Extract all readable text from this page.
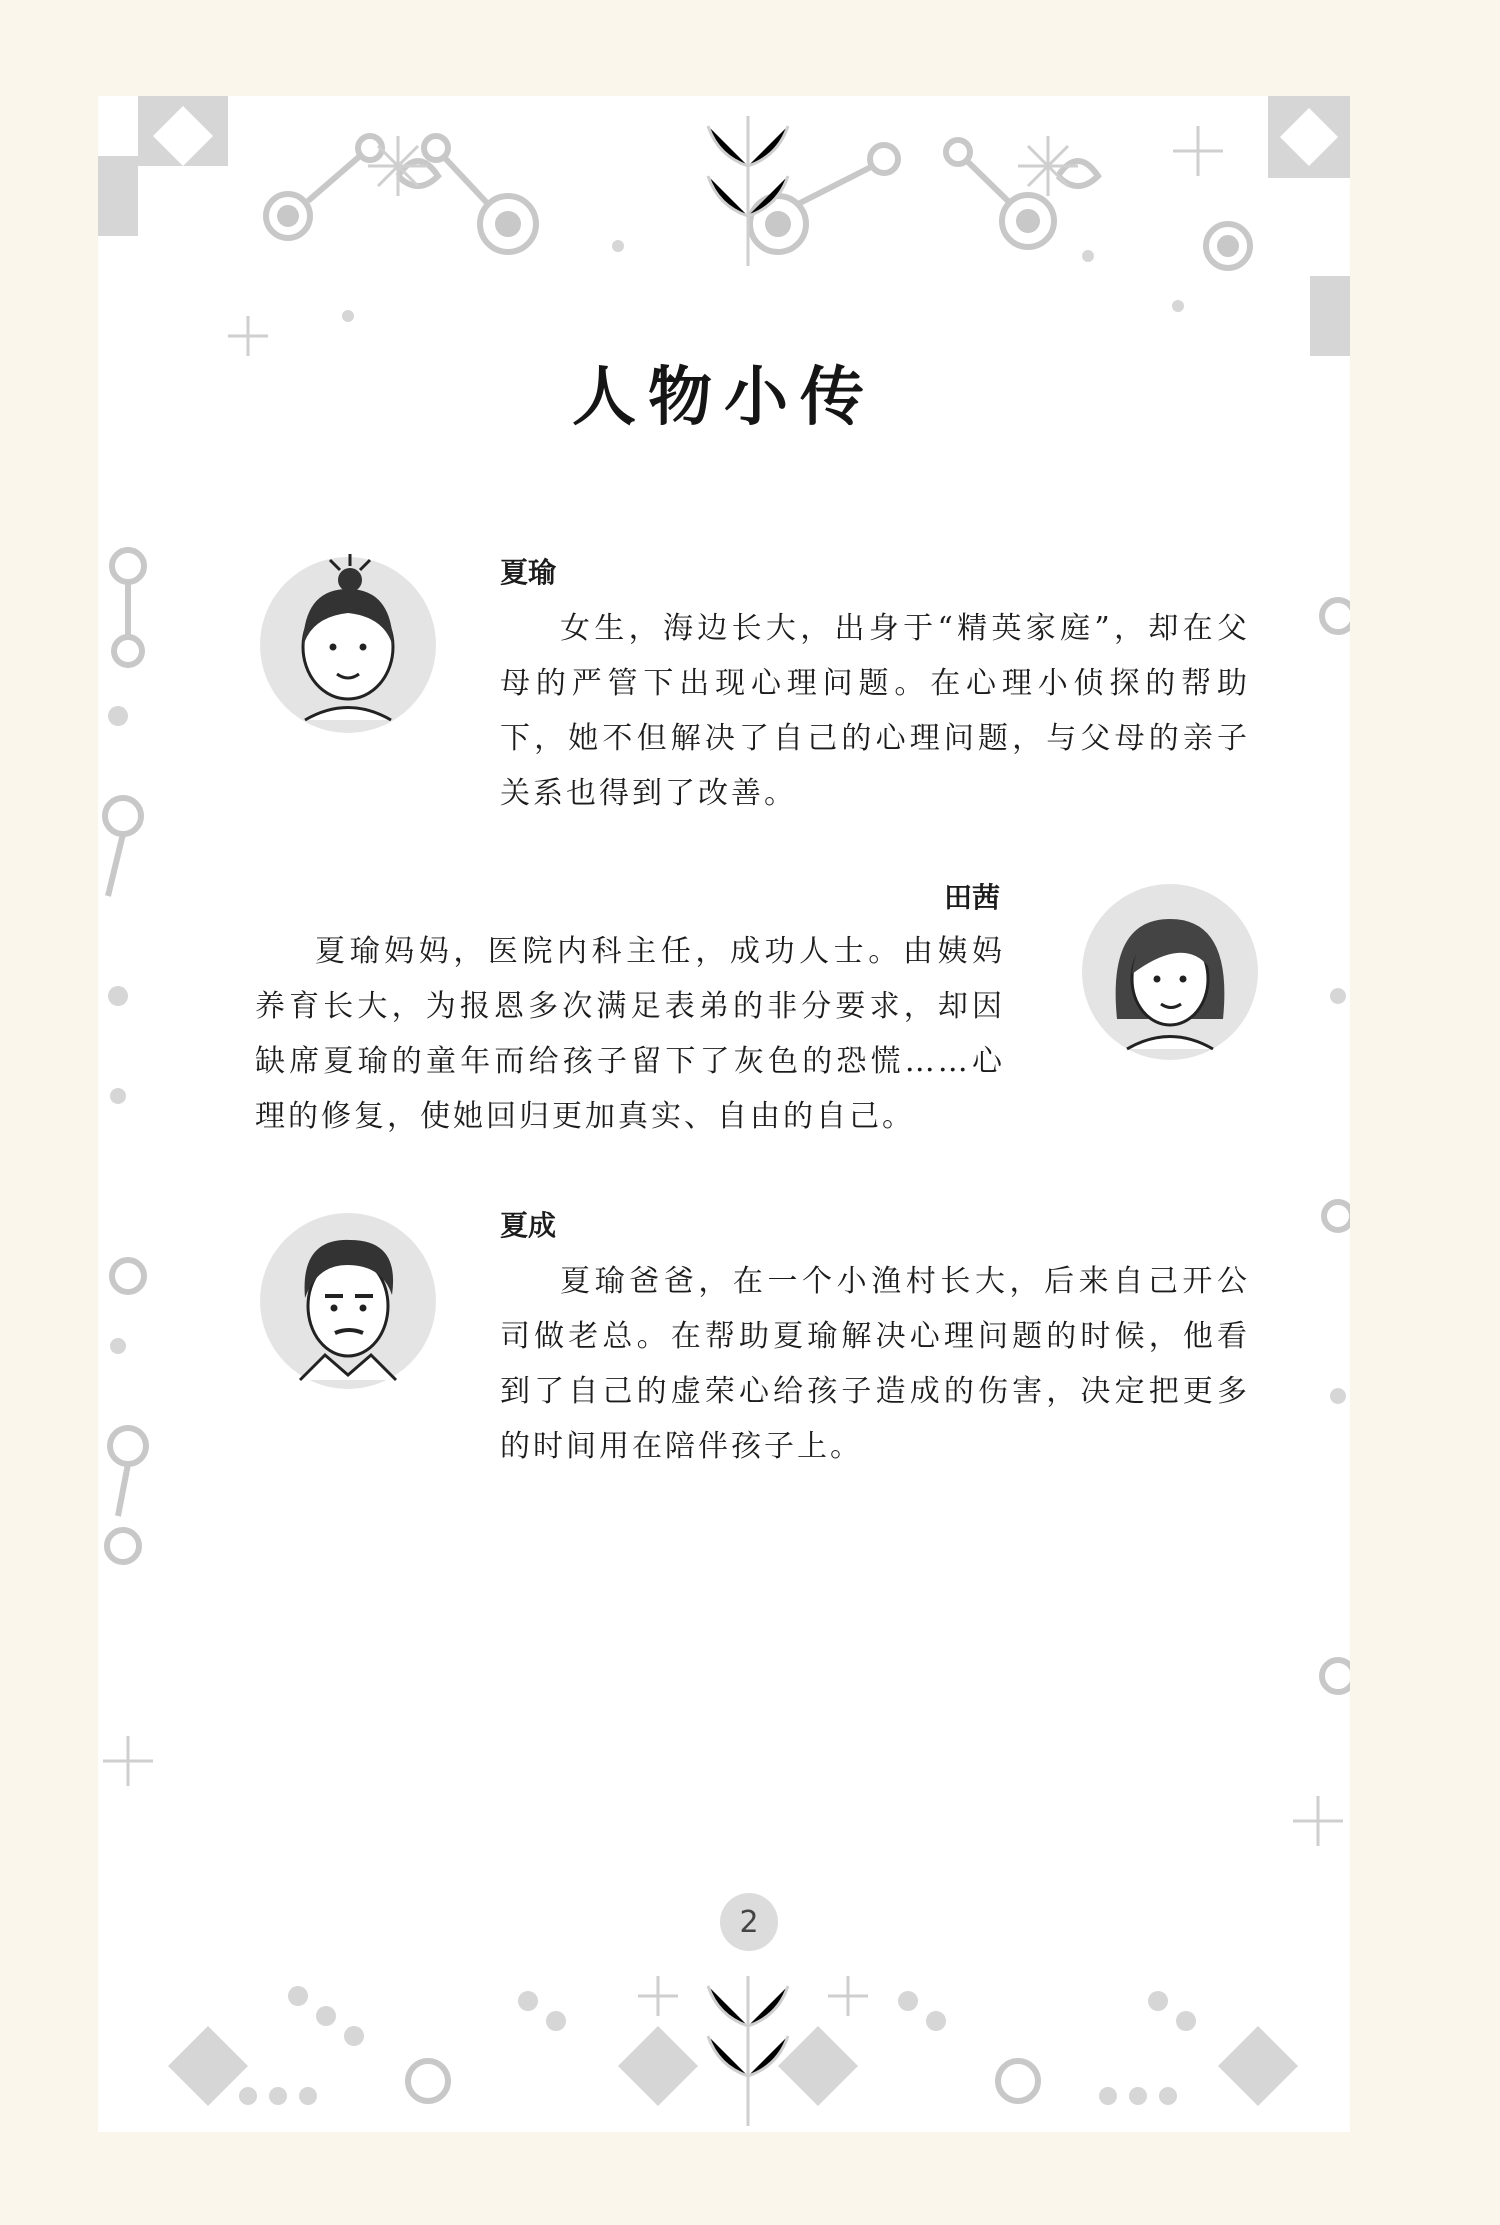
人物小传
夏瑜

女生，海边长大，出身于“精英家庭”，却在父母的严管下出现心理问题。在心理小侦探的帮助下，她不但解决了自己的心理问题，与父母的亲子关系也得到了改善。

田茜

夏瑜妈妈，医院内科主任，成功人士。由姨妈养育长大，为报恩多次满足表弟的非分要求，却因缺席夏瑜的童年而给孩子留下了灰色的恐慌……心理的修复，使她回归更加真实、自由的自己。

夏成

夏瑜爸爸，在一个小渔村长大，后来自己开公司做老总。在帮助夏瑜解决心理问题的时候，他看到了自己的虚荣心给孩子造成的伤害，决定把更多的时间用在陪伴孩子上。

2
